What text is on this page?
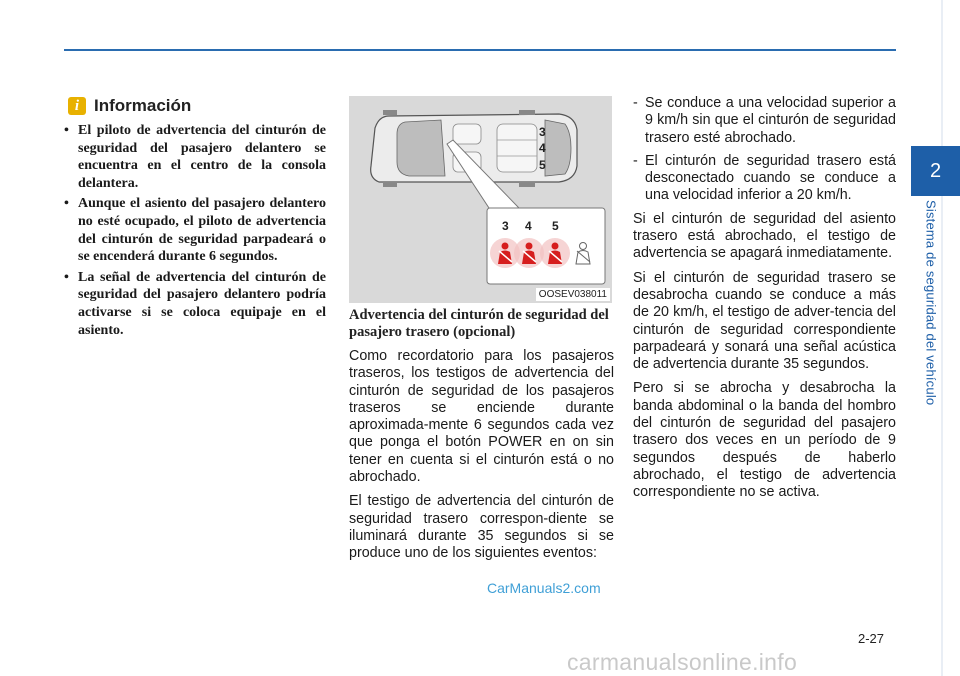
2
Sistema de seguridad del vehículo
i Información
• El piloto de advertencia del cinturón de seguridad del pasajero delantero se encuentra en el centro de la consola delantera.
• Aunque el asiento del pasajero delantero no esté ocupado, el piloto de advertencia del cinturón de seguridad parpadeará o se encenderá durante 6 segundos.
• La señal de advertencia del cinturón de seguridad del pasajero delantero podría activarse si se coloca equipaje en el asiento.
3
4
5
3 4 5
OOSEV038011
Advertencia del cinturón de seguridad del pasajero trasero (opcional)

Como recordatorio para los pasajeros traseros, los testigos de advertencia del cinturón de seguridad de los pasajeros traseros se enciende durante aproximada-mente 6 segundos cada vez que ponga el botón POWER en on sin tener en cuenta si el cinturón está o no abrochado.

El testigo de advertencia del cinturón de seguridad trasero correspon-diente se iluminará durante 35 segundos si se produce uno de los siguientes eventos:

- Se conduce a una velocidad superior a 9 km/h sin que el cinturón de seguridad trasero esté abrochado.
- El cinturón de seguridad trasero está desconectado cuando se conduce a una velocidad inferior a 20 km/h.

Si el cinturón de seguridad del asiento trasero está abrochado, el testigo de advertencia se apagará inmediatamente.

Si el cinturón de seguridad trasero se desabrocha cuando se conduce a más de 20 km/h, el testigo de adver-tencia del cinturón de seguridad correspondiente parpadeará y sonará una señal acústica de advertencia durante 35 segundos.

Pero si se abrocha y desabrocha la banda abdominal o la banda del hombro del cinturón de seguridad del pasajero trasero dos veces en un período de 9 segundos después de haberlo abrochado, el testigo de advertencia correspondiente no se activa.

CarManuals2.com
2-27
carmanualsonline.info
